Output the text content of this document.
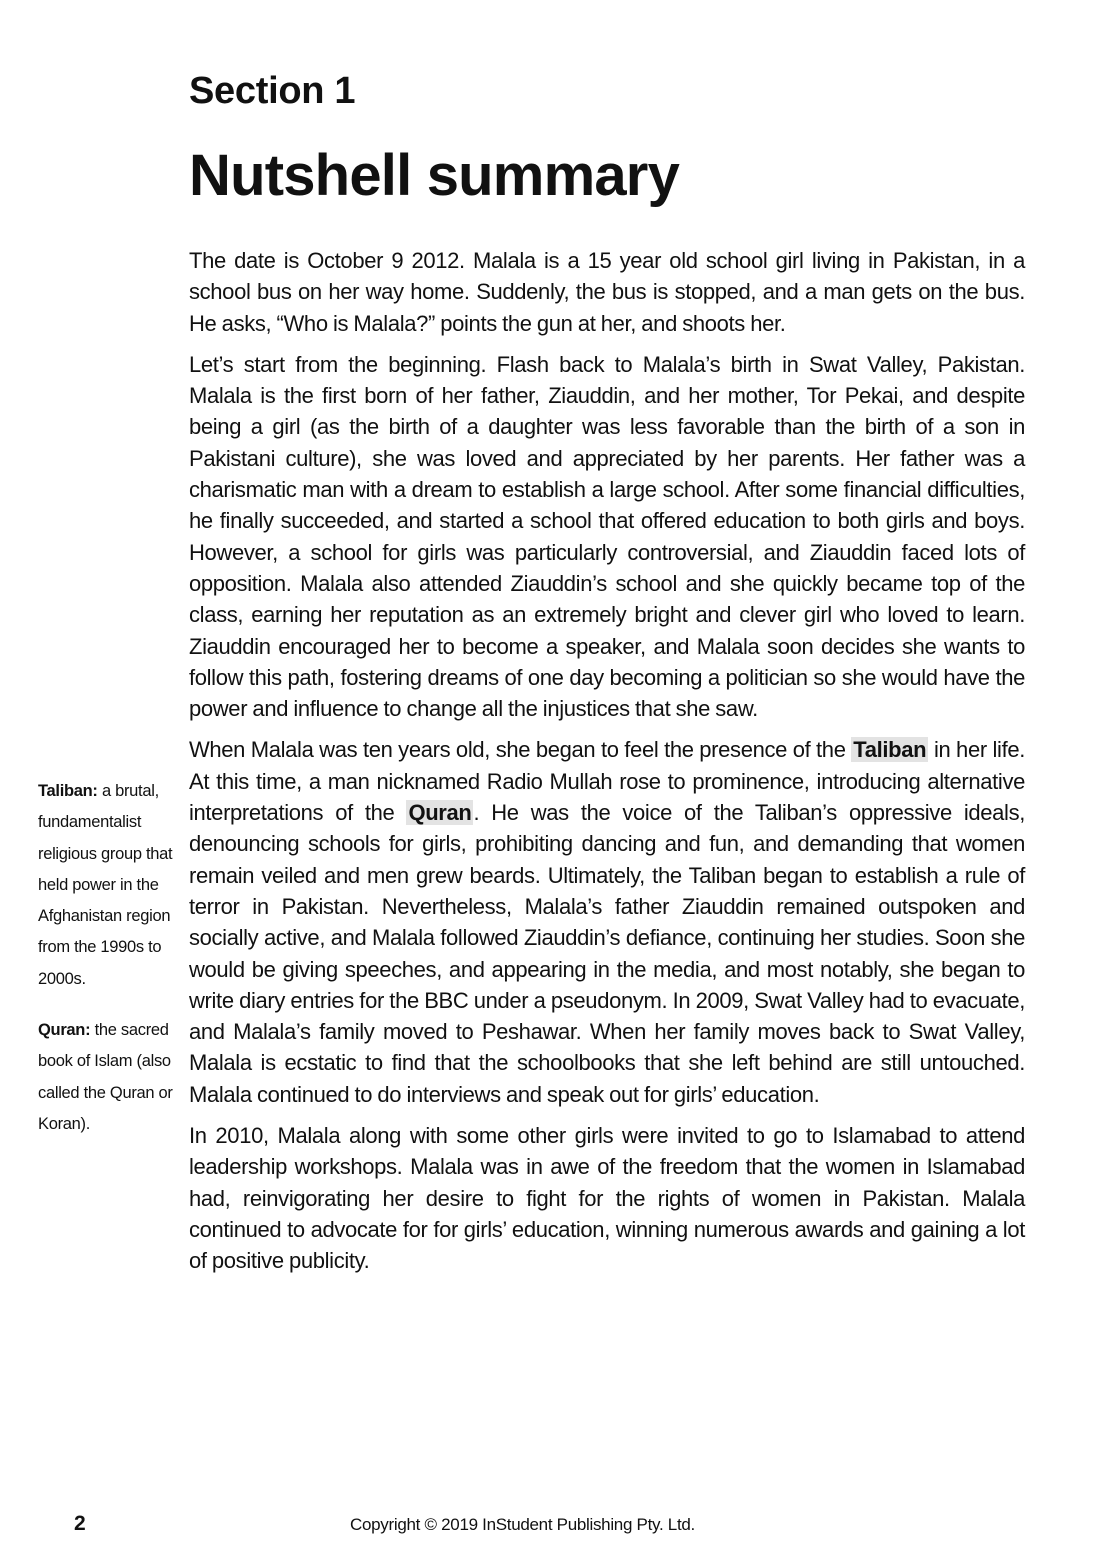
Section 1
Nutshell summary

The date is October 9 2012. Malala is a 15 year old school girl living in Pakistan, in a school bus on her way home. Suddenly, the bus is stopped, and a man gets on the bus. He asks, “Who is Malala?” points the gun at her, and shoots her.

Let’s start from the beginning. Flash back to Malala’s birth in Swat Valley, Pakistan. Malala is the first born of her father, Ziauddin, and her mother, Tor Pekai, and despite being a girl (as the birth of a daughter was less favorable than the birth of a son in Pakistani culture), she was loved and appreciated by her parents. Her father was a charismatic man with a dream to establish a large school. After some financial difficulties, he finally succeeded, and started a school that offered education to both girls and boys. However, a school for girls was particularly controversial, and Ziauddin faced lots of opposition. Malala also attended Ziauddin’s school and she quickly became top of the class, earning her reputation as an extremely bright and clever girl who loved to learn. Ziauddin encouraged her to become a speaker, and Malala soon decides she wants to follow this path, fostering dreams of one day becoming a politician so she would have the power and influence to change all the injustices that she saw.

When Malala was ten years old, she began to feel the presence of the Taliban in her life. At this time, a man nicknamed Radio Mullah rose to prominence, introducing alternative interpretations of the Quran. He was the voice of the Taliban’s oppressive ideals, denouncing schools for girls, prohibiting dancing and fun, and demanding that women remain veiled and men grew beards. Ultimately, the Taliban began to establish a rule of terror in Pakistan. Nevertheless, Malala’s father Ziauddin remained outspoken and socially active, and Malala followed Ziauddin’s defiance, continuing her studies. Soon she would be giving speeches, and appearing in the media, and most notably, she began to write diary entries for the BBC under a pseudonym. In 2009, Swat Valley had to evacuate, and Malala’s family moved to Peshawar. When her family moves back to Swat Valley, Malala is ecstatic to find that the schoolbooks that she left behind are still untouched. Malala continued to do interviews and speak out for girls’ education.

In 2010, Malala along with some other girls were invited to go to Islamabad to attend leadership workshops. Malala was in awe of the freedom that the women in Islamabad had, reinvigorating her desire to fight for the rights of women in Pakistan. Malala continued to advocate for for girls’ education, winning numerous awards and gaining a lot of positive publicity.

Taliban: a brutal, fundamentalist religious group that held power in the Afghanistan region from the 1990s to 2000s.
Quran: the sacred book of Islam (also called the Quran or Koran).
2	Copyright © 2019 InStudent Publishing Pty. Ltd.
